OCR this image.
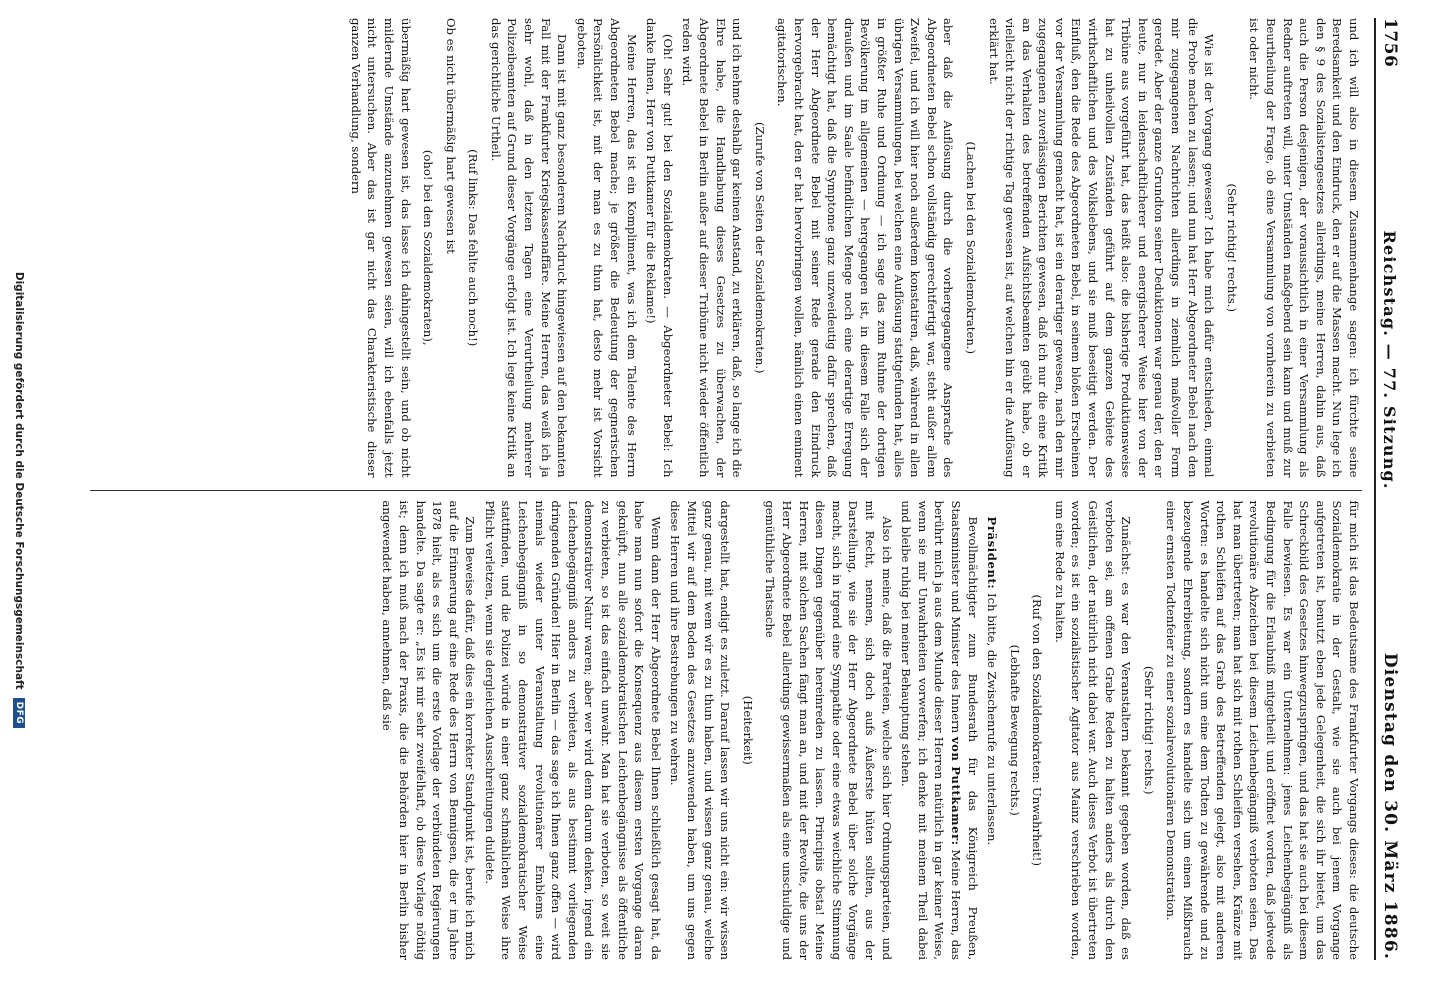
1756
Reichstag. — 77. Sitzung.
Dienstag den 30. März 1886.

und ich will also in diesem Zusammenhange sagen: ich fürchte seine Beredsamkeit und den Eindruck, den er auf die Massen macht. Nun lege ich den § 9 des Sozialistengesetzes allerdings, meine Herren, dahin aus, daß auch die Person desjenigen, der voraussichtlich in einer Versammlung als Redner auftreten will, unter Umständen maßgebend sein kann und muß zur Beurtheilung der Frage, ob eine Versammlung von vornherein zu verbieten ist oder nicht.

(Sehr richtig! rechts.)

Wie ist der Vorgang gewesen? Ich habe mich dafür entschieden, einmal die Probe machen zu lassen; und nun hat Herr Abgeordneter Bebel nach den mir zugegangenen Nachrichten allerdings in ziemlich maßvoller Form geredet. Aber der ganze Grundton seiner Deduktionen war genau der, den er heute, nur in leidenschaftlicherer und energischerer Weise hier von der Tribüne aus vorgeführt hat, das heißt also: die bisherige Produktionsweise hat zu unheilvollen Zuständen geführt auf dem ganzen Gebiete des wirthschaftlichen und des Volkslebens, und sie muß beseitigt werden. Der Einfluß, den die Rede des Abgeordneten Bebel, in seinem bloßen Erscheinen vor der Versammlung gemacht hat, ist ein derartiger gewesen, nach den mir zugegangenen zuverlässigen Berichten gewesen, daß ich nur die eine Kritik an das Verhalten des betreffenden Aufsichtsbeamten geübt habe, ob er vielleicht nicht der richtige Tag gewesen ist, auf welchen hin er die Auflösung erklärt hat.

(Lachen bei den Sozialdemokraten.)

aber daß die Auflösung durch die vorhergegangene Ansprache des Abgeordneten Bebel schon vollständig gerechtfertigt war, steht außer allem Zweifel, und ich will hier noch außerdem konstatiren, daß, während in allen übrigen Versammlungen, bei welchen eine Auflösung stattgefunden hat, alles in größter Ruhe und Ordnung — ich sage das zum Ruhme der dortigen Bevölkerung im allgemeinen — hergegangen ist, in diesem Falle sich der draußen und im Saale befindlichen Menge noch eine derartige Erregung bemächtigt hat, daß die Symptome ganz unzweideutig dafür sprechen, daß der Herr Abgeordnete Bebel mit seiner Rede gerade den Eindruck hervorgebracht hat, den er hat hervorbringen wollen, nämlich einen eminent agitatorischen.

(Zurufe von Seiten der Sozialdemokraten.)

und ich nehme deshalb gar keinen Anstand, zu erklären, daß, so lange ich die Ehre habe, die Handhabung dieses Gesetzes zu überwachen, der Abgeordnete Bebel in Berlin außer auf dieser Tribüne nicht wieder öffentlich reden wird.

(Oh! Sehr gut! bei den Sozialdemokraten. — Abgeordneter Bebel: Ich danke Ihnen, Herr von Puttkamer für die Reklame!)

Meine Herren, das ist ein Kompliment, was ich dem Talente des Herrn Abgeordneten Bebel mache; je größer die Bedeutung der gegnerischen Persönlichkeit ist, mit der man es zu thun hat, desto mehr ist Vorsicht geboten.

Dann ist mit ganz besonderem Nachdruck hingewiesen auf den bekannten Fall mit der Frankfurter Kriegskassenaffäre. Meine Herren, das weiß ich ja sehr wohl, daß in den letzten Tagen eine Verurtheilung mehrerer Polizeibeamten auf Grund dieser Vorgänge erfolgt ist. Ich lege keine Kritik an das gerichtliche Urtheil.

(Ruf links: Das fehlte auch noch!)

Ob es nicht übermäßig hart gewesen ist

(oho! bei den Sozialdemokraten),

übermäßig hart gewesen ist, das lasse ich dahingestellt sein, und ob nicht mildernde Umstände anzunehmen gewesen seien, will ich ebenfalls jetzt nicht untersuchen. Aber das ist gar nicht das Charakteristische dieser ganzen Verhandlung, sondern

für mich ist das Bedeutsame des Frankfurter Vorgangs dieses: die deutsche Sozialdemokratie in der Gestalt, wie sie auch bei jenem Vorgange aufgetreten ist, benutzt eben jede Gelegenheit, die sich ihr bietet, um das Schreckbild des Gesetzes hinwegzuspringen, und das hat sie auch bei diesem Falle bewiesen. Es war ein Unternehmen: jenes Leichenbegängniß als Bedingung für die Erlaubniß mitgetheilt und eröffnet worden, daß jedwede revolutionäre Abzeichen bei diesem Leichenbegängniß verboten seien. Das hat man übertreten; man hat sich mit rothen Schleifen versehen, Kränze mit rothen Schleifen auf das Grab des Betreffenden gelegt, also mit anderen Worten: es handelte sich nicht um eine dem Todten zu gewährende und zu bezeugende Ehrerbietung, sondern es handelte sich um einen Mißbrauch einer ernsten Todtenfeier zu einer sozialrevolutionären Demonstration.

(Sehr richtig! rechts.)

Zunächst: es war den Veranstaltern bekannt gegeben worden, daß es verboten sei, am offenen Grabe Reden zu halten anders als durch den Geistlichen, der natürlich nicht dabei war. Auch dieses Verbot ist übertreten worden; es ist ein sozialistischer Agitator aus Mainz verschrieben worden, um eine Rede zu halten.

(Ruf von den Sozialdemokraten: Unwahrheit!)

(Lebhafte Bewegung rechts.)

Präsident: Ich bitte, die Zwischenrufe zu unterlassen.

Bevollmächtigter zum Bundesrath für das Königreich Preußen, Staatsminister und Minister des Innern von Puttkamer: Meine Herren, das berührt mich ja aus dem Munde dieser Herren natürlich in gar keiner Weise, wenn sie mir Unwahrheiten vorwerfen; ich denke mit meinem Theil dabei und bleibe ruhig bei meiner Behauptung stehen.

Also ich meine, daß die Parteien, welche sich hier Ordnungsparteien, und mit Recht, nennen, sich doch aufs Äußerste hüten sollten, aus der Darstellung, wie sie der Herr Abgeordnete Bebel über solche Vorgänge macht, sich in irgend eine Sympathie oder eine etwas weichliche Stimmung diesen Dingen gegenüber hereinreden zu lassen. Principiis obsta! Meine Herren, mit solchen Sachen fängt man an, und mit der Revolte, die uns der Herr Abgeordnete Bebel allerdings gewissermaßen als eine unschuldige und gemüthliche Thatsache

(Heiterkeit)

dargestellt hat, endigt es zuletzt. Darauf lassen wir uns nicht ein: wir wissen ganz genau, mit wem wir es zu thun haben, und wissen ganz genau, welche Mittel wir auf dem Boden des Gesetzes anzuwenden haben, um uns gegen diese Herren und ihre Bestrebungen zu wehren.

Wenn dann der Herr Abgeordnete Bebel Ihnen schließlich gesagt hat, da habe man nun sofort die Konsequenz aus diesem ersten Vorgange daran geknüpft, nun alle sozialdemokratischen Leichenbegängnisse als öffentliche zu verbieten, so ist das einfach unwahr. Man hat sie verboten, so weit sie demonstrativer Natur waren; aber wer wird denn darum denken, irgend ein Leichenbegängniß anders zu verbieten, als aus bestimmt vorliegenden dringenden Gründen! Hier in Berlin — das sage ich Ihnen ganz offen — wird niemals wieder unter Veranstaltung revolutionärer Emblems eine Leichenbegängniß in so demonstrativer sozialdemokratischer Weise stattfinden, und die Polizei würde in einer ganz schmählichen Weise ihre Pflicht verletzen, wenn sie dergleichen Ausschreitungen duldete.

Zum Beweise dafür, daß dies ein korrekter Standpunkt ist, berufe ich mich auf die Erinnerung auf eine Rede des Herrn von Bennigsen, die er im Jahre 1878 hielt, als es sich um die erste Vorlage der verbündeten Regierungen handelte. Da sagte er: „Es ist mir sehr zweifelhaft, ob diese Vorlage nöthig ist; denn ich muß nach der Praxis, die die Behörden hier in Berlin bisher angewendet haben, annehmen, daß sie

Digitalisierung gefördert durch die Deutsche Forschungsgemeinschaft
DFG
